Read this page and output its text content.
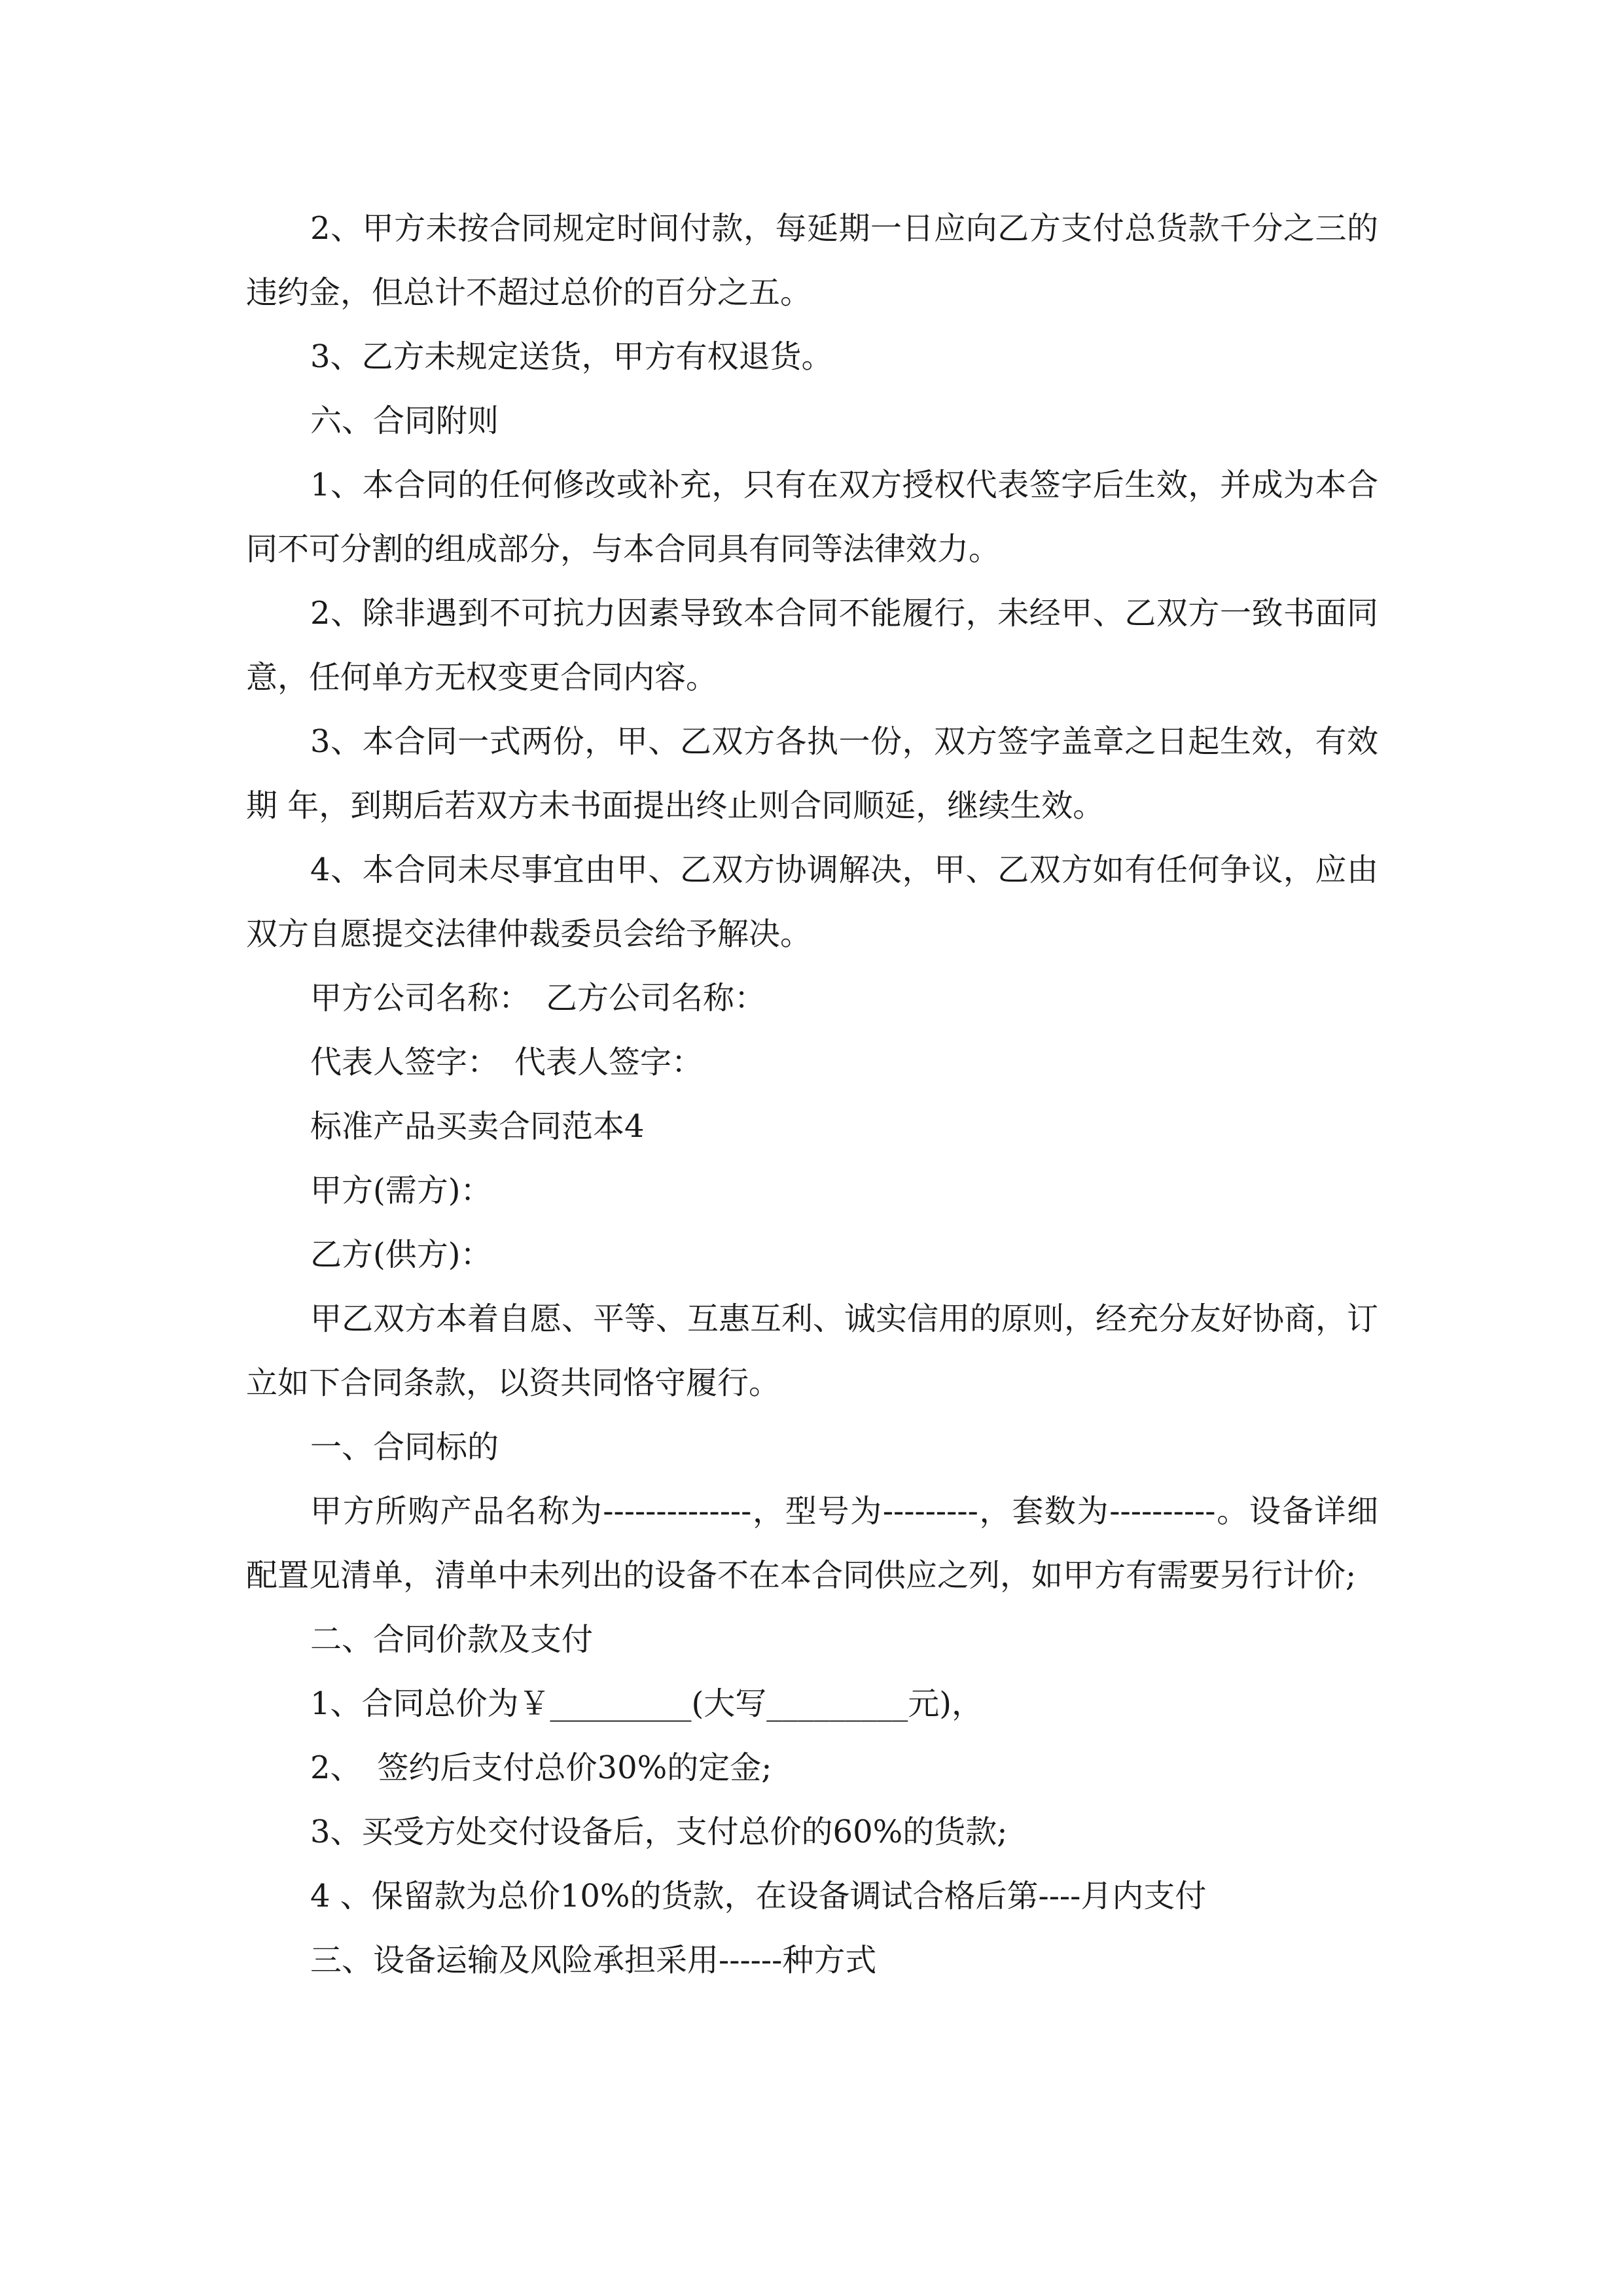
2、甲方未按合同规定时间付款，每延期一日应向乙方支付总货款千分之三的违约金，但总计不超过总价的百分之五。

3、乙方未规定送货，甲方有权退货。

六、合同附则

1、本合同的任何修改或补充，只有在双方授权代表签字后生效，并成为本合同不可分割的组成部分，与本合同具有同等法律效力。

2、除非遇到不可抗力因素导致本合同不能履行，未经甲、乙双方一致书面同意，任何单方无权变更合同内容。

3、本合同一式两份，甲、乙双方各执一份，双方签字盖章之日起生效，有效期 年，到期后若双方未书面提出终止则合同顺延，继续生效。

4、本合同未尽事宜由甲、乙双方协调解决，甲、乙双方如有任何争议，应由双方自愿提交法律仲裁委员会给予解决。

甲方公司名称：　乙方公司名称：

代表人签字：　代表人签字：

标准产品买卖合同范本4

甲方(需方)：

乙方(供方)：

甲乙双方本着自愿、平等、互惠互利、诚实信用的原则，经充分友好协商，订立如下合同条款，以资共同恪守履行。

一、合同标的

甲方所购产品名称为--------------，型号为---------，套数为----------。设备详细配置见清单，清单中未列出的设备不在本合同供应之列，如甲方有需要另行计价;

二、合同价款及支付

1、合同总价为￥_________(大写_________元)，

2、　签约后支付总价30%的定金;

3、买受方处交付设备后，支付总价的60%的货款;

4 、保留款为总价10%的货款，在设备调试合格后第----月内支付

三、设备运输及风险承担采用------种方式
